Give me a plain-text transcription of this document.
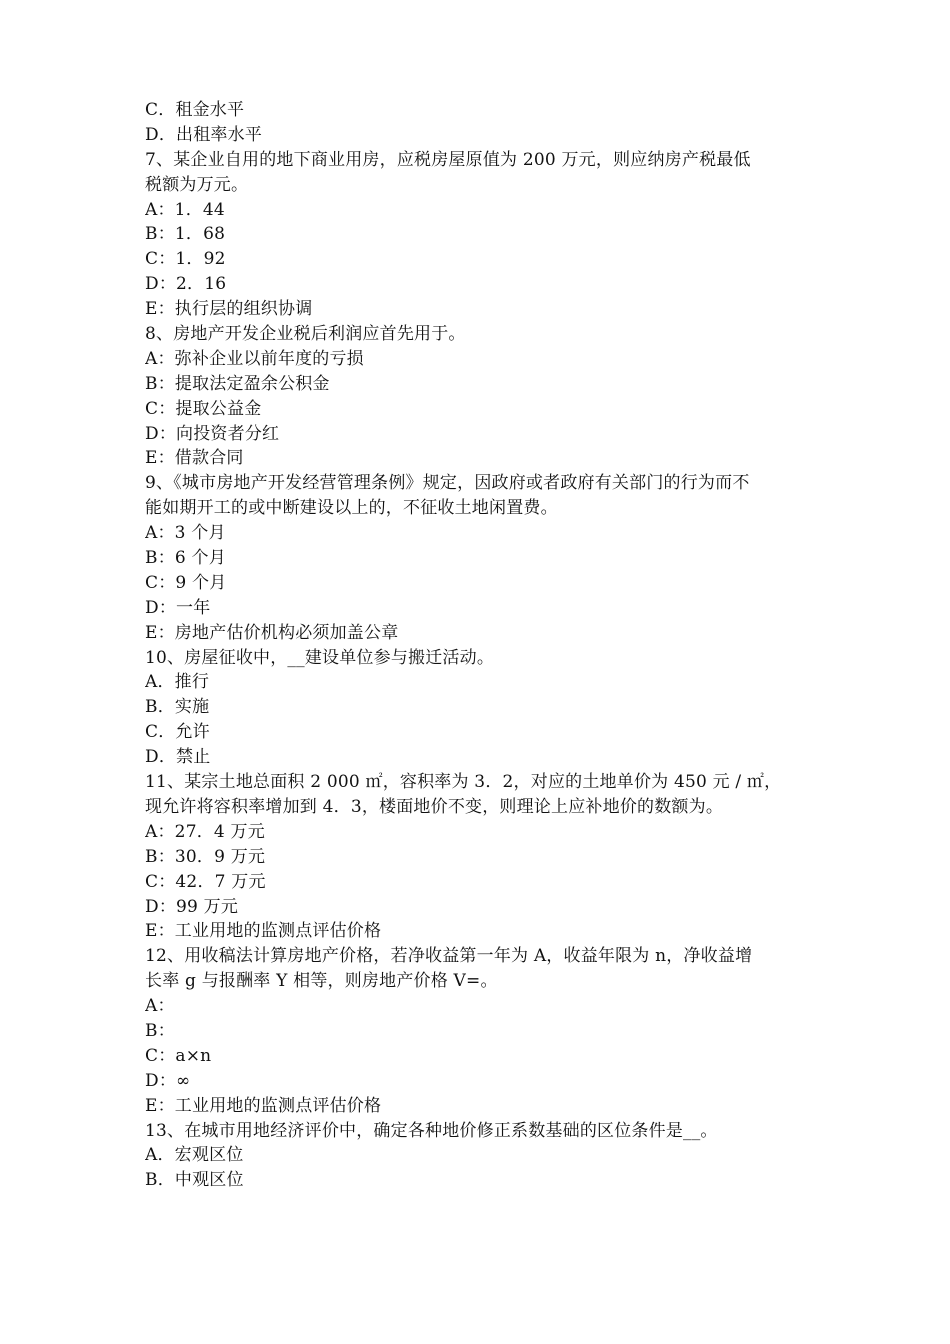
C．租金水平
D．出租率水平
7、某企业自用的地下商业用房，应税房屋原值为 200 万元，则应纳房产税最低
税额为万元。
A：1．44
B：1．68
C：1．92
D：2．16
E：执行层的组织协调
8、房地产开发企业税后利润应首先用于。
A：弥补企业以前年度的亏损
B：提取法定盈余公积金
C：提取公益金
D：向投资者分红
E：借款合同
9、《城市房地产开发经营管理条例》规定，因政府或者政府有关部门的行为而不
能如期开工的或中断建设以上的，不征收土地闲置费。
A：3 个月
B：6 个月
C：9 个月
D：一年
E：房地产估价机构必须加盖公章
10、房屋征收中，__建设单位参与搬迁活动。
A．推行
B．实施
C．允许
D．禁止
11、某宗土地总面积 2 000 ㎡，容积率为 3．2，对应的土地单价为 450 元 / ㎡，
现允许将容积率增加到 4．3，楼面地价不变，则理论上应补地价的数额为。
A：27．4 万元
B：30．9 万元
C：42．7 万元
D：99 万元
E：工业用地的监测点评估价格
12、用收稿法计算房地产价格，若净收益第一年为 A，收益年限为 n，净收益增
长率 g 与报酬率 Y 相等，则房地产价格 V=。
A：
B：
C：a×n
D：∞
E：工业用地的监测点评估价格
13、在城市用地经济评价中，确定各种地价修正系数基础的区位条件是__。
A．宏观区位
B．中观区位
